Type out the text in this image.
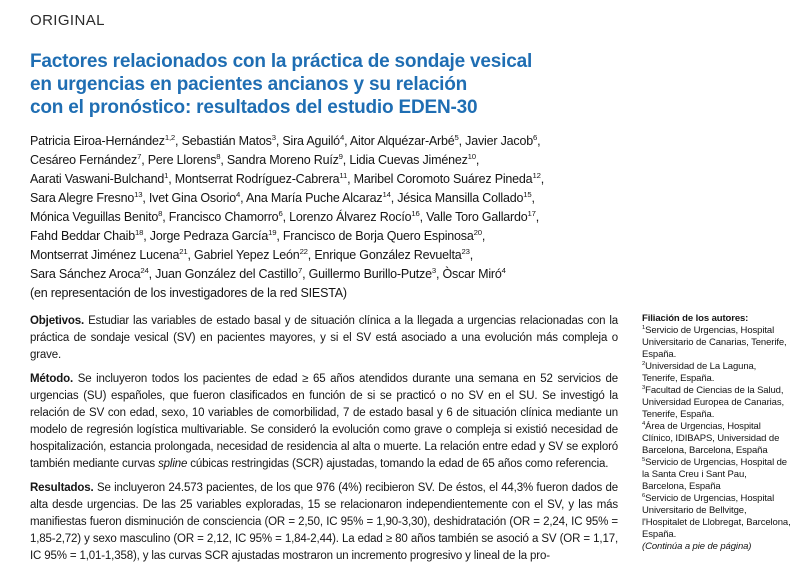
ORIGINAL
Factores relacionados con la práctica de sondaje vesical
en urgencias en pacientes ancianos y su relación
con el pronóstico: resultados del estudio EDEN-30
Patricia Eiroa-Hernández$^{1,2}$, Sebastián Matos$^3$, Sira Aguiló$^4$, Aitor Alquézar-Arbé$^5$, Javier Jacob$^6$,
Cesáreo Fernández$^7$, Pere Llorens$^8$, Sandra Moreno Ruíz$^9$, Lidia Cuevas Jiménez$^{10}$,
Aarati Vaswani-Bulchand$^1$, Montserrat Rodríguez-Cabrera$^{11}$, Maribel Coromoto Suárez Pineda$^{12}$,
Sara Alegre Fresno$^{13}$, Ivet Gina Osorio$^4$, Ana María Puche Alcaraz$^{14}$, Jésica Mansilla Collado$^{15}$,
Mónica Veguillas Benito$^8$, Francisco Chamorro$^6$, Lorenzo Álvarez Rocío$^{16}$, Valle Toro Gallardo$^{17}$,
Fahd Beddar Chaib$^{18}$, Jorge Pedraza García$^{19}$, Francisco de Borja Quero Espinosa$^{20}$,
Montserrat Jiménez Lucena$^{21}$, Gabriel Yepez León$^{22}$, Enrique González Revuelta$^{23}$,
Sara Sánchez Aroca$^{24}$, Juan González del Castillo$^7$, Guillermo Burillo-Putze$^3$, Òscar Miró$^4$
(en representación de los investigadores de la red SIESTA)

Objetivos. Estudiar las variables de estado basal y de situación clínica a la llegada a urgencias relacionadas con la práctica de sondaje vesical (SV) en pacientes mayores, y si el SV está asociado a una evolución más compleja o grave.

Método. Se incluyeron todos los pacientes de edad ≥ 65 años atendidos durante una semana en 52 servicios de urgencias (SU) españoles, que fueron clasificados en función de si se practicó o no SV en el SU. Se investigó la relación de SV con edad, sexo, 10 variables de comorbilidad, 7 de estado basal y 6 de situación clínica mediante un modelo de regresión logística multivariable. Se consideró la evolución como grave o compleja si existió necesidad de hospitalización, estancia prolongada, necesidad de residencia al alta o muerte. La relación entre edad y SV se exploró también mediante curvas spline cúbicas restringidas (SCR) ajustadas, tomando la edad de 65 años como referencia.

Resultados. Se incluyeron 24.573 pacientes, de los que 976 (4%) recibieron SV. De éstos, el 44,3% fueron dados de alta desde urgencias. De las 25 variables exploradas, 15 se relacionaron independientemente con el SV, y las más manifiestas fueron disminución de consciencia (OR = 2,50, IC 95% = 1,90-3,30), deshidratación (OR = 2,24, IC 95% = 1,85-2,72) y sexo masculino (OR = 2,12, IC 95% = 1,84-2,44). La edad ≥ 80 años también se asoció a SV (OR = 1,17, IC 95% = 1,01-1,358), y las curvas SCR ajustadas mostraron un incremento progresivo y lineal de la pro-

Filiación de los autores:
$^1$Servicio de Urgencias, Hospital Universitario de Canarias, Tenerife, España.
$^2$Universidad de La Laguna, Tenerife, España.
$^3$Facultad de Ciencias de la Salud, Universidad Europea de Canarias, Tenerife, España.
$^4$Área de Urgencias, Hospital Clínico, IDIBAPS, Universidad de Barcelona, Barcelona, España
$^5$Servicio de Urgencias, Hospital de la Santa Creu i Sant Pau, Barcelona, España
$^6$Servicio de Urgencias, Hospital Universitario de Bellvitge, l'Hospitalet de Llobregat, Barcelona, España.
(Continúa a pie de página)
